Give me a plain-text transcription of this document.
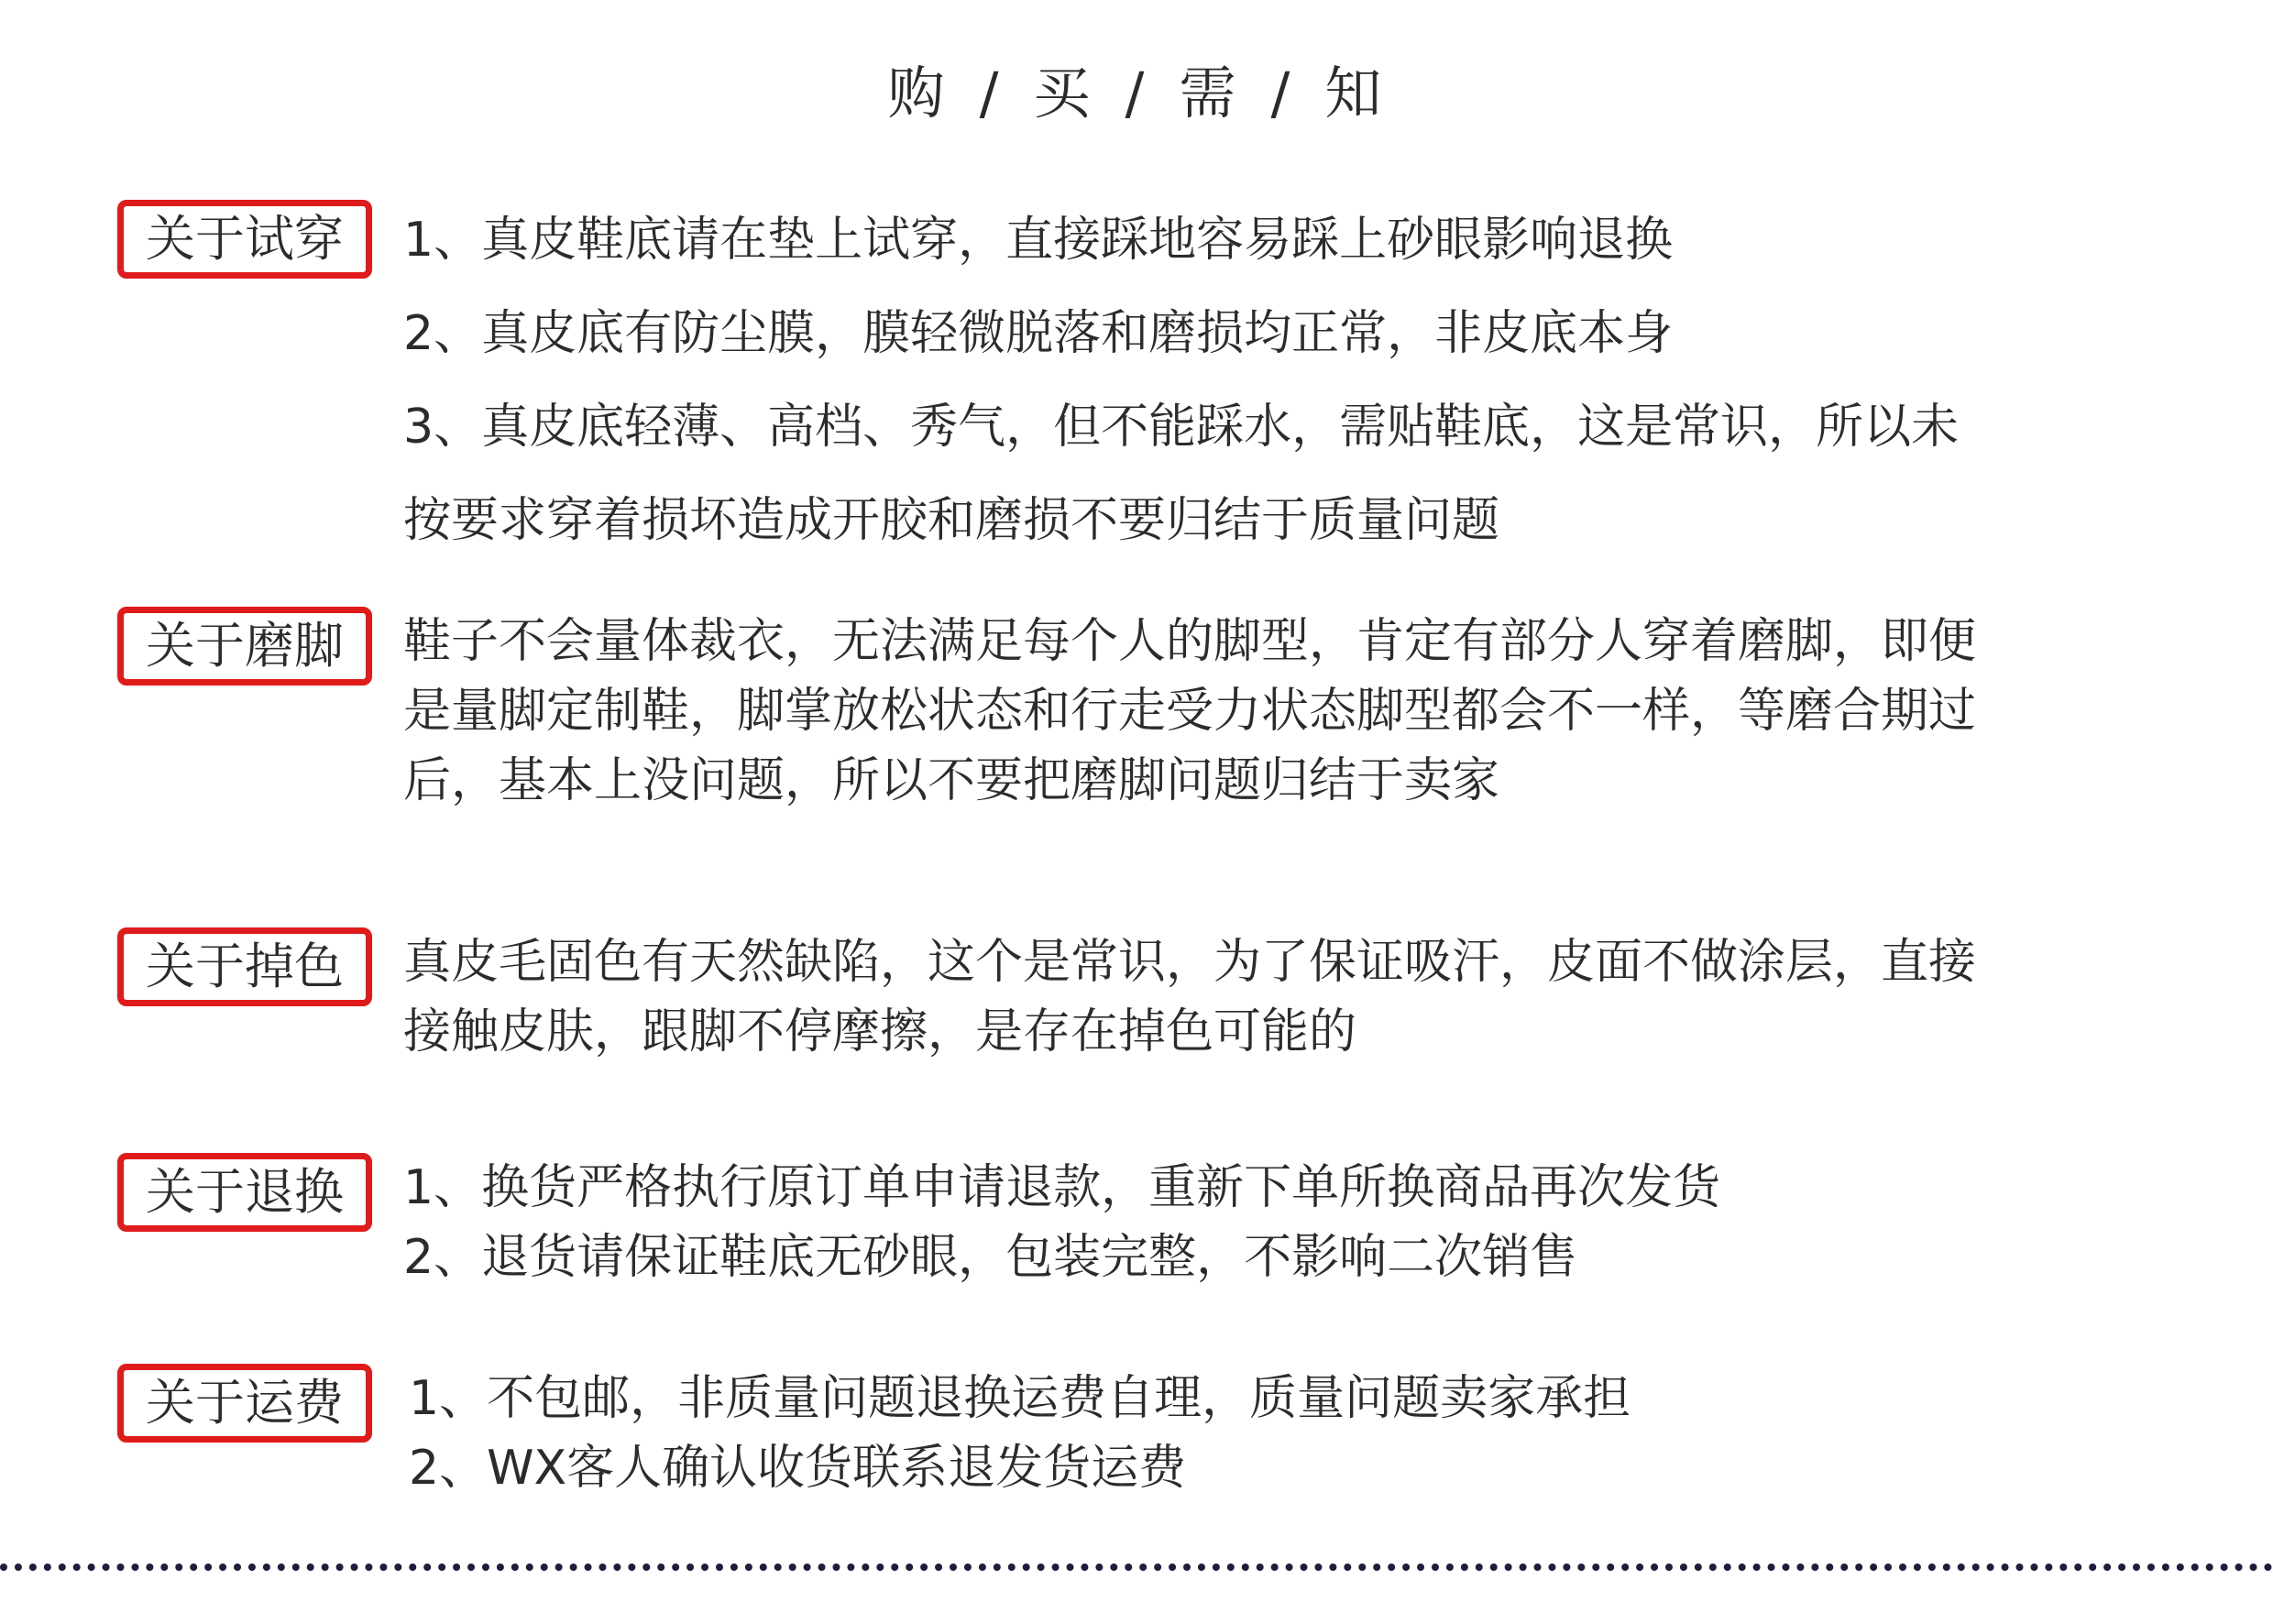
购 / 买 / 需 / 知
关于试穿	1、真皮鞋底请在垫上试穿，直接踩地容易踩上砂眼影响退换
2、真皮底有防尘膜，膜轻微脱落和磨损均正常，非皮底本身
3、真皮底轻薄、高档、秀气，但不能踩水，需贴鞋底，这是常识，所以未
按要求穿着损坏造成开胶和磨损不要归结于质量问题
关于磨脚	鞋子不会量体裁衣，无法满足每个人的脚型，肯定有部分人穿着磨脚，即便
是量脚定制鞋，脚掌放松状态和行走受力状态脚型都会不一样，等磨合期过
后，基本上没问题，所以不要把磨脚问题归结于卖家
关于掉色	真皮毛固色有天然缺陷，这个是常识，为了保证吸汗，皮面不做涂层，直接
接触皮肤，跟脚不停摩擦，是存在掉色可能的
关于退换	1、换货严格执行原订单申请退款，重新下单所换商品再次发货
2、退货请保证鞋底无砂眼，包装完整，不影响二次销售
关于运费	1、不包邮，非质量问题退换运费自理，质量问题卖家承担
2、WX客人确认收货联系退发货运费
